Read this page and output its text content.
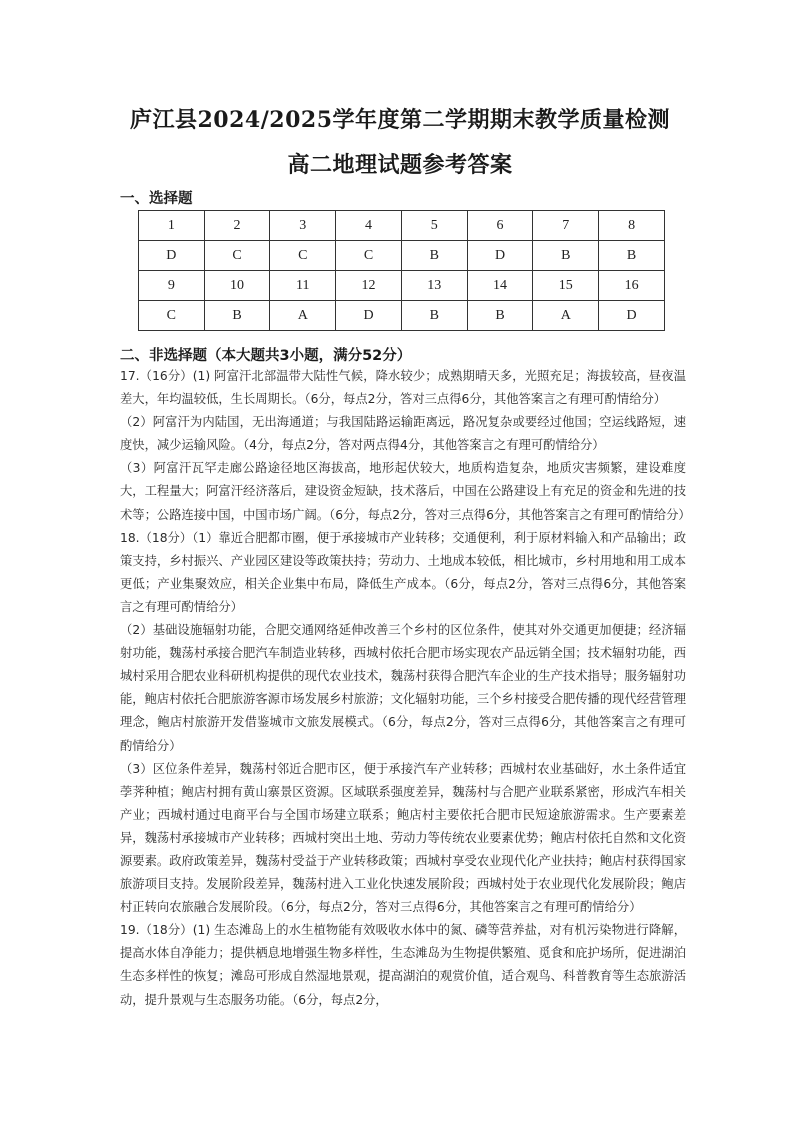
庐江县2024/2025学年度第二学期期末教学质量检测
高二地理试题参考答案
一、选择题
1	2	3	4	5	6	7	8
D	C	C	C	B	D	B	B
9	10	11	12	13	14	15	16
C	B	A	D	B	B	A	D
二、非选择题（本大题共3小题，满分52分）

17.（16分）(1) 阿富汗北部温带大陆性气候，降水较少；成熟期晴天多，光照充足；海拔较高，昼夜温差大，年均温较低，生长周期长。（6分，每点2分，答对三点得6分，其他答案言之有理可酌情给分）

（2）阿富汗为内陆国，无出海通道；与我国陆路运输距离远，路况复杂或要经过他国；空运线路短，速度快，减少运输风险。（4分，每点2分，答对两点得4分，其他答案言之有理可酌情给分）

（3）阿富汗瓦罕走廊公路途径地区海拔高，地形起伏较大，地质构造复杂，地质灾害频繁，建设难度大，工程量大；阿富汗经济落后，建设资金短缺，技术落后，中国在公路建设上有充足的资金和先进的技术等；公路连接中国，中国市场广阔。（6分，每点2分，答对三点得6分，其他答案言之有理可酌情给分）

18.（18分）（1）靠近合肥都市圈，便于承接城市产业转移；交通便利，利于原材料输入和产品输出；政策支持，乡村振兴、产业园区建设等政策扶持；劳动力、土地成本较低，相比城市，乡村用地和用工成本更低；产业集聚效应，相关企业集中布局，降低生产成本。（6分，每点2分，答对三点得6分，其他答案言之有理可酌情给分）

（2）基础设施辐射功能，合肥交通网络延伸改善三个乡村的区位条件，使其对外交通更加便捷；经济辐射功能，魏荡村承接合肥汽车制造业转移，西城村依托合肥市场实现农产品远销全国；技术辐射功能，西城村采用合肥农业科研机构提供的现代农业技术，魏荡村获得合肥汽车企业的生产技术指导；服务辐射功能，鲍店村依托合肥旅游客源市场发展乡村旅游；文化辐射功能，三个乡村接受合肥传播的现代经营管理理念，鲍店村旅游开发借鉴城市文旅发展模式。（6分，每点2分，答对三点得6分，其他答案言之有理可酌情给分）

（3）区位条件差异，魏荡村邻近合肥市区，便于承接汽车产业转移；西城村农业基础好，水土条件适宜荸荠种植；鲍店村拥有黄山寨景区资源。区域联系强度差异，魏荡村与合肥产业联系紧密，形成汽车相关产业；西城村通过电商平台与全国市场建立联系；鲍店村主要依托合肥市民短途旅游需求。生产要素差异，魏荡村承接城市产业转移；西城村突出土地、劳动力等传统农业要素优势；鲍店村依托自然和文化资源要素。政府政策差异，魏荡村受益于产业转移政策；西城村享受农业现代化产业扶持；鲍店村获得国家旅游项目支持。发展阶段差异，魏荡村进入工业化快速发展阶段；西城村处于农业现代化发展阶段；鲍店村正转向农旅融合发展阶段。（6分，每点2分，答对三点得6分，其他答案言之有理可酌情给分）

19.（18分）(1) 生态滩岛上的水生植物能有效吸收水体中的氮、磷等营养盐，对有机污染物进行降解，提高水体自净能力；提供栖息地增强生物多样性，生态滩岛为生物提供繁殖、觅食和庇护场所，促进湖泊生态多样性的恢复；滩岛可形成自然湿地景观，提高湖泊的观赏价值，适合观鸟、科普教育等生态旅游活动，提升景观与生态服务功能。（6分，每点2分，
